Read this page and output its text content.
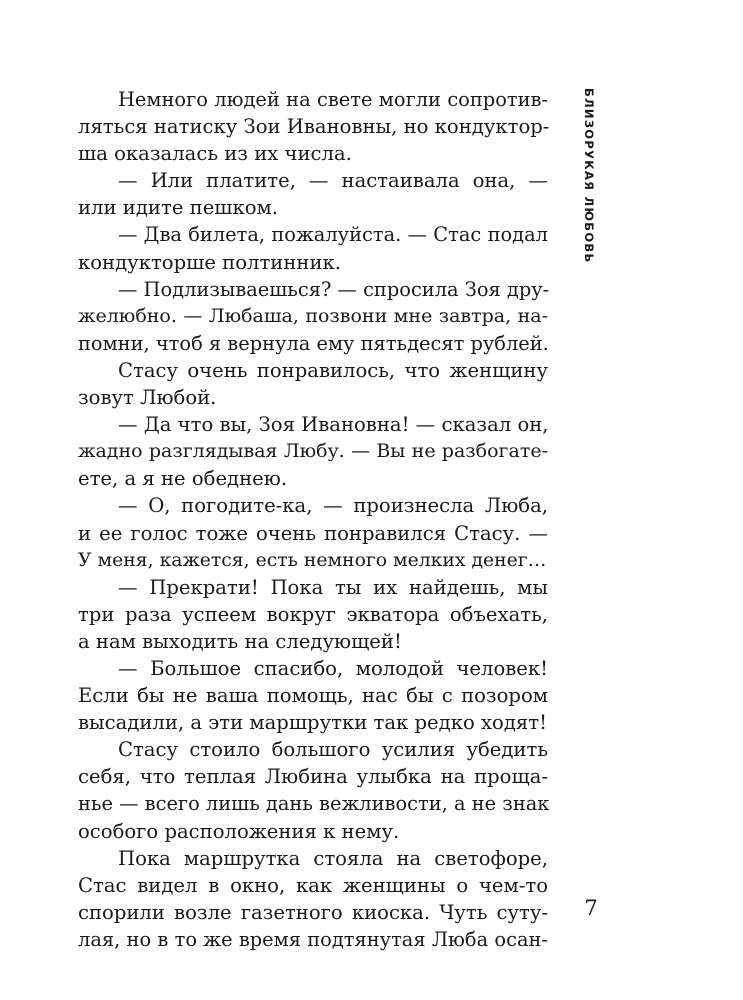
Немного людей на свете могли сопротив-
ляться натиску Зои Ивановны, но кондуктор-
ша оказалась из их числа.
— Или платите, — настаивала она, —
или идите пешком.
— Два билета, пожалуйста. — Стас подал
кондукторше полтинник.
— Подлизываешься? — спросила Зоя дру-
желюбно. — Любаша, позвони мне завтра, на-
помни, чтоб я вернула ему пятьдесят рублей.
Стасу очень понравилось, что женщину
зовут Любой.
— Да что вы, Зоя Ивановна! — сказал он,
жадно разглядывая Любу. — Вы не разбогате-
ете, а я не обеднею.
— О, погодите-ка, — произнесла Люба,
и ее голос тоже очень понравился Стасу. —
У меня, кажется, есть немного мелких денег…
— Прекрати! Пока ты их найдешь, мы
три раза успеем вокруг экватора объехать,
а нам выходить на следующей!
— Большое спасибо, молодой человек!
Если бы не ваша помощь, нас бы с позором
высадили, а эти маршрутки так редко ходят!
Стасу стоило большого усилия убедить
себя, что теплая Любина улыбка на проща-
нье — всего лишь дань вежливости, а не знак
особого расположения к нему.
Пока маршрутка стояла на светофоре,
Стас видел в окно, как женщины о чем-то
спорили возле газетного киоска. Чуть суту-
лая, но в то же время подтянутая Люба осан-
БЛИЗОРУКАЯ ЛЮБОВЬ
7
